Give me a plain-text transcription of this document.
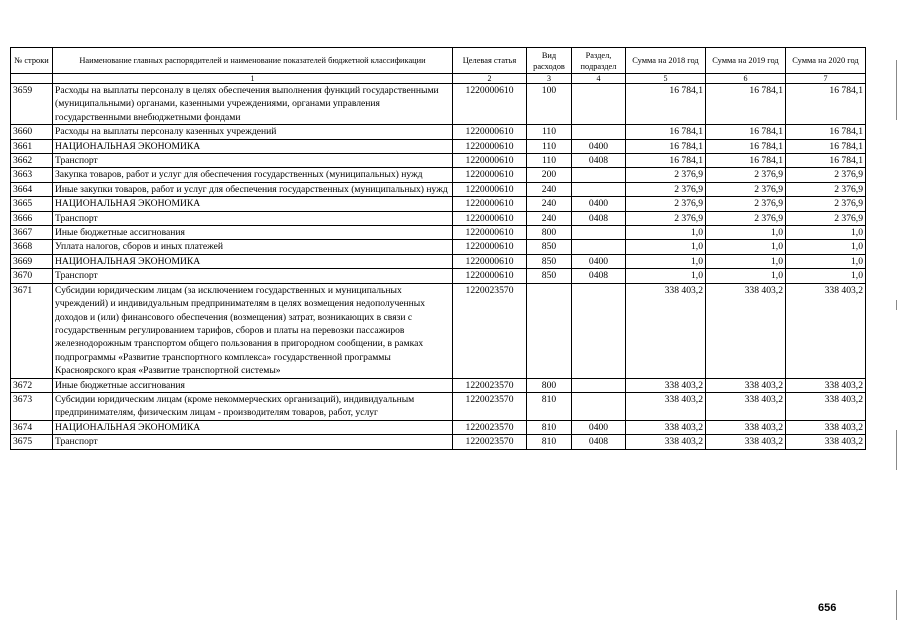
№ строки	Наименование главных распорядителей и наименование показателей бюджетной классификации	Целевая статья	Вид расходов	Раздел, подраздел	Сумма на 2018 год	Сумма на 2019 год	Сумма на 2020 год
	1	2	3	4	5	6	7
3659	Расходы на выплаты персоналу в целях обеспечения выполнения функций государственными (муниципальными) органами, казенными учреждениями, органами управления государственными внебюджетными фондами	1220000610	100		16 784,1	16 784,1	16 784,1
3660	Расходы на выплаты персоналу казенных учреждений	1220000610	110		16 784,1	16 784,1	16 784,1
3661	НАЦИОНАЛЬНАЯ ЭКОНОМИКА	1220000610	110	0400	16 784,1	16 784,1	16 784,1
3662	Транспорт	1220000610	110	0408	16 784,1	16 784,1	16 784,1
3663	Закупка товаров, работ и услуг для обеспечения государственных (муниципальных) нужд	1220000610	200		2 376,9	2 376,9	2 376,9
3664	Иные закупки товаров, работ и услуг для обеспечения государственных (муниципальных) нужд	1220000610	240		2 376,9	2 376,9	2 376,9
3665	НАЦИОНАЛЬНАЯ ЭКОНОМИКА	1220000610	240	0400	2 376,9	2 376,9	2 376,9
3666	Транспорт	1220000610	240	0408	2 376,9	2 376,9	2 376,9
3667	Иные бюджетные ассигнования	1220000610	800		1,0	1,0	1,0
3668	Уплата налогов, сборов и иных платежей	1220000610	850		1,0	1,0	1,0
3669	НАЦИОНАЛЬНАЯ ЭКОНОМИКА	1220000610	850	0400	1,0	1,0	1,0
3670	Транспорт	1220000610	850	0408	1,0	1,0	1,0
3671	Субсидии юридическим лицам (за исключением государственных и муниципальных учреждений) и индивидуальным предпринимателям в целях возмещения недополученных доходов и (или) финансового обеспечения (возмещения) затрат, возникающих в связи с государственным регулированием тарифов, сборов и платы на перевозки пассажиров железнодорожным транспортом общего пользования в пригородном сообщении, в рамках подпрограммы «Развитие транспортного комплекса» государственной программы Красноярского края «Развитие транспортной системы»	1220023570			338 403,2	338 403,2	338 403,2
3672	Иные бюджетные ассигнования	1220023570	800		338 403,2	338 403,2	338 403,2
3673	Субсидии юридическим лицам (кроме некоммерческих организаций), индивидуальным предпринимателям, физическим лицам - производителям товаров, работ, услуг	1220023570	810		338 403,2	338 403,2	338 403,2
3674	НАЦИОНАЛЬНАЯ ЭКОНОМИКА	1220023570	810	0400	338 403,2	338 403,2	338 403,2
3675	Транспорт	1220023570	810	0408	338 403,2	338 403,2	338 403,2
656
